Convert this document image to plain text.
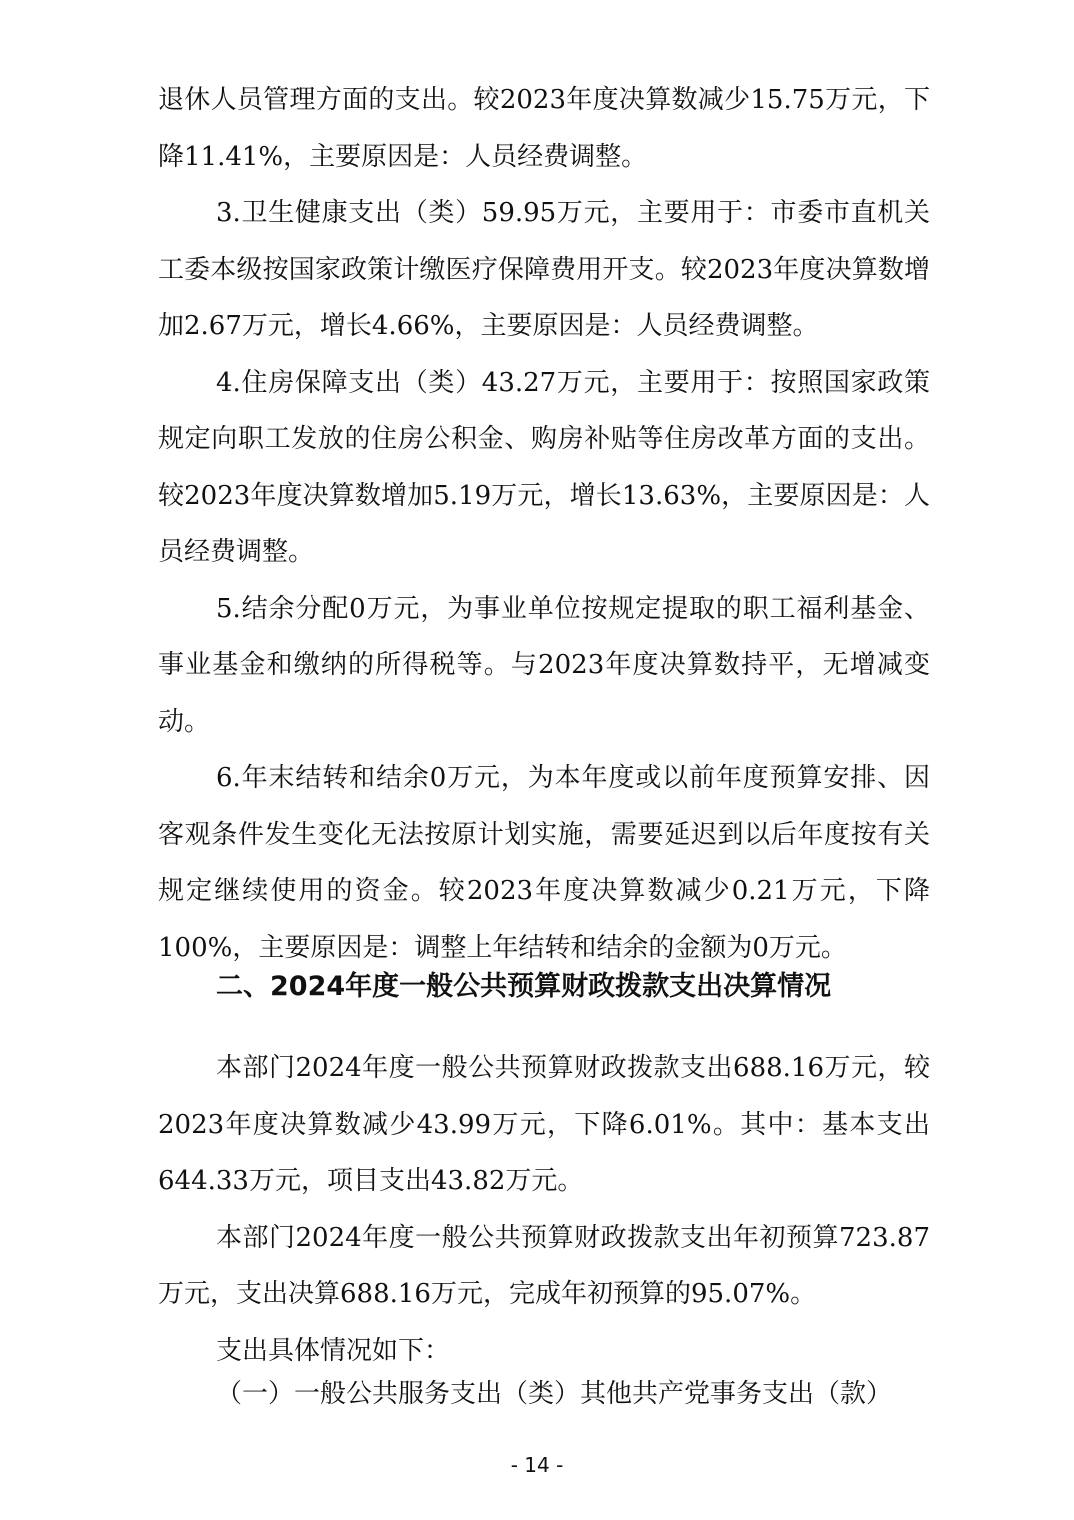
退休人员管理方面的支出。较2023年度决算数减少15.75万元，下降11.41%，主要原因是：人员经费调整。

3.卫生健康支出（类）59.95万元，主要用于：市委市直机关工委本级按国家政策计缴医疗保障费用开支。较2023年度决算数增加2.67万元，增长4.66%，主要原因是：人员经费调整。

4.住房保障支出（类）43.27万元，主要用于：按照国家政策规定向职工发放的住房公积金、购房补贴等住房改革方面的支出。较2023年度决算数增加5.19万元，增长13.63%，主要原因是：人员经费调整。

5.结余分配0万元，为事业单位按规定提取的职工福利基金、事业基金和缴纳的所得税等。与2023年度决算数持平，无增减变动。

6.年末结转和结余0万元，为本年度或以前年度预算安排、因客观条件发生变化无法按原计划实施，需要延迟到以后年度按有关规定继续使用的资金。较2023年度决算数减少0.21万元，下降100%，主要原因是：调整上年结转和结余的金额为0万元。

二、2024年度一般公共预算财政拨款支出决算情况

本部门2024年度一般公共预算财政拨款支出688.16万元，较2023年度决算数减少43.99万元，下降6.01%。其中：基本支出644.33万元，项目支出43.82万元。

本部门2024年度一般公共预算财政拨款支出年初预算723.87万元，支出决算688.16万元，完成年初预算的95.07%。

支出具体情况如下：

（一）一般公共服务支出（类）其他共产党事务支出（款）
- 14 -
